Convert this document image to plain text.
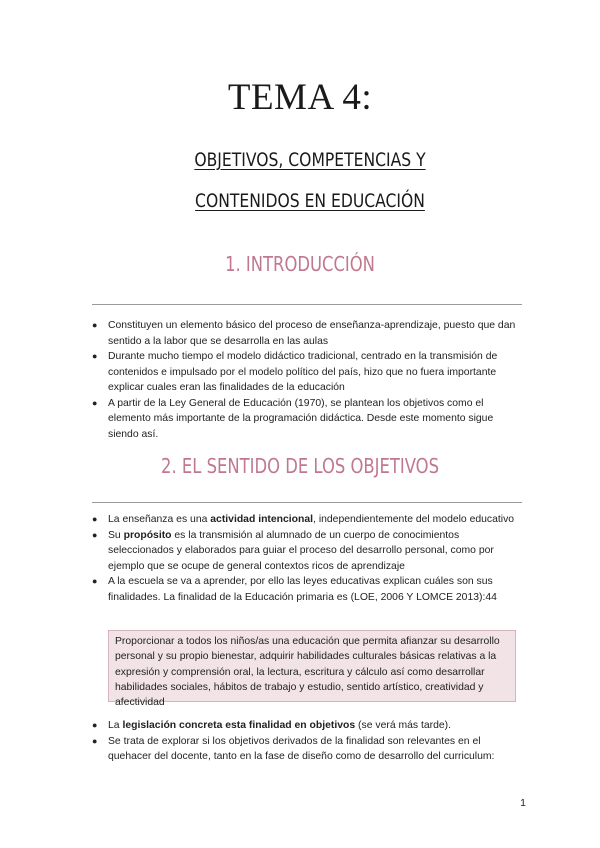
TEMA 4:
OBJETIVOS, COMPETENCIAS Y CONTENIDOS EN EDUCACIÓN
1. INTRODUCCIÓN
● Constituyen un elemento básico del proceso de enseñanza-aprendizaje, puesto que dan sentido a la labor que se desarrolla en las aulas
● Durante mucho tiempo el modelo didáctico tradicional, centrado en la transmisión de contenidos e impulsado por el modelo político del país, hizo que no fuera importante explicar cuales eran las finalidades de la educación
● A partir de la Ley General de Educación (1970), se plantean los objetivos como el elemento más importante de la programación didáctica. Desde este momento sigue siendo así.
2. EL SENTIDO DE LOS OBJETIVOS
● La enseñanza es una actividad intencional, independientemente del modelo educativo
● Su propósito es la transmisión al alumnado de un cuerpo de conocimientos seleccionados y elaborados para guiar el proceso del desarrollo personal, como por ejemplo que se ocupe de general contextos ricos de aprendizaje
● A la escuela se va a aprender, por ello las leyes educativas explican cuáles son sus finalidades. La finalidad de la Educación primaria es (LOE, 2006 Y LOMCE 2013):44
Proporcionar a todos los niños/as una educación que permita afianzar su desarrollo personal y su propio bienestar, adquirir habilidades culturales básicas relativas a la expresión y comprensión oral, la lectura, escritura y cálculo así como desarrollar habilidades sociales, hábitos de trabajo y estudio, sentido artístico, creatividad y afectividad
● La legislación concreta esta finalidad en objetivos (se verá más tarde).
● Se trata de explorar si los objetivos derivados de la finalidad son relevantes en el quehacer del docente, tanto en la fase de diseño como de desarrollo del curriculum:
1
